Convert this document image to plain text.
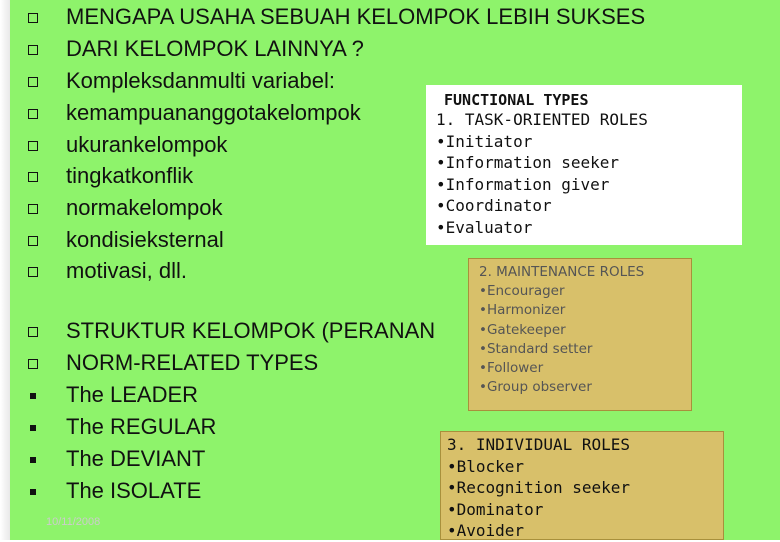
MENGAPA USAHA SEBUAH KELOMPOK LEBIH SUKSES
DARI KELOMPOK LAINNYA ?
Kompleksdanmulti variabel:
kemampuananggotakelompok
ukurankelompok
tingkatkonflik
normakelompok
kondisieksternal
motivasi, dll.
STRUKTUR KELOMPOK (PERANAN
NORM-RELATED TYPES
The LEADER
The REGULAR
The DEVIANT
The ISOLATE
10/11/2008
FUNCTIONAL TYPES
1. TASK-ORIENTED ROLES
•Initiator
•Information seeker
•Information giver
•Coordinator
•Evaluator
2. MAINTENANCE ROLES
•Encourager
•Harmonizer
•Gatekeeper
•Standard setter
•Follower
•Group observer
3. INDIVIDUAL ROLES
•Blocker
•Recognition seeker
•Dominator
•Avoider
